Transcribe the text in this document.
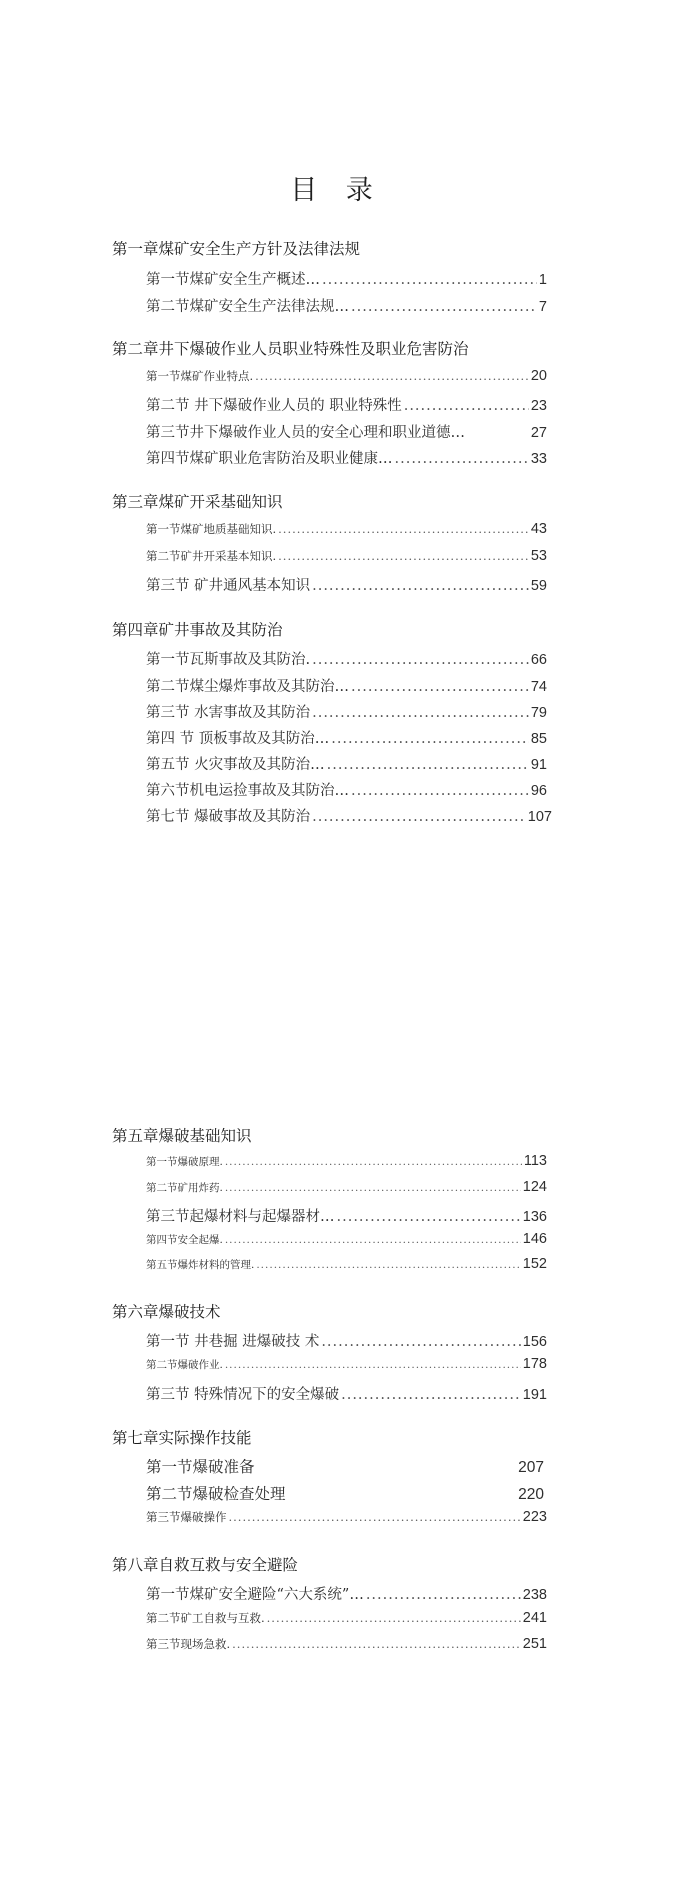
目 录
第一章煤矿安全生产方针及法律法规
第一节煤矿安全生产概述… .....	1
第二节煤矿安全生产法律法规… .....	7
第二章井下爆破作业人员职业特殊性及职业危害防治
第一节煤矿作业特点. .....	20
第二节 井下爆破作业人员的 职业特殊性 .....	23
第三节井下爆破作业人员的安全心理和职业道德…	27
第四节煤矿职业危害防治及职业健康… .....	33
第三章煤矿开采基础知识
第一节煤矿地质基础知识. .....	43
第二节矿井开采基本知识. .....	53
第三节 矿井通风基本知识 .....	59
第四章矿井事故及其防治
第一节瓦斯事故及其防治. .....	66
第二节煤尘爆炸事故及其防治… .....	74
第三节 水害事故及其防治 .....	79
第四 节 顶板事故及其防治… .....	85
第五节 火灾事故及其防治… .....	91
第六节机电运捡事故及其防治… .....	96
第七节 爆破事故及其防治 .....	107
第五章爆破基础知识
第一节爆破原理. .....	113
第二节矿用炸药. .....	124
第三节起爆材料与起爆器材… .....	136
第四节安全起爆. .....	146
第五节爆炸材料的管理. .....	152
第六章爆破技术
第一节 井巷掘 进爆破技 术 .....	156
第二节爆破作业. .....	178
第三节 特殊情况下的安全爆破 .....	191
第七章实际操作技能
第一节爆破准备	207
第二节爆破检查处理	220
第三节爆破操作 .....	223
第八章自救互救与安全避险
第一节煤矿安全避险“六大系统”… .....	238
第二节矿工自救与互救. .....	241
第三节现场急救. .....	251
